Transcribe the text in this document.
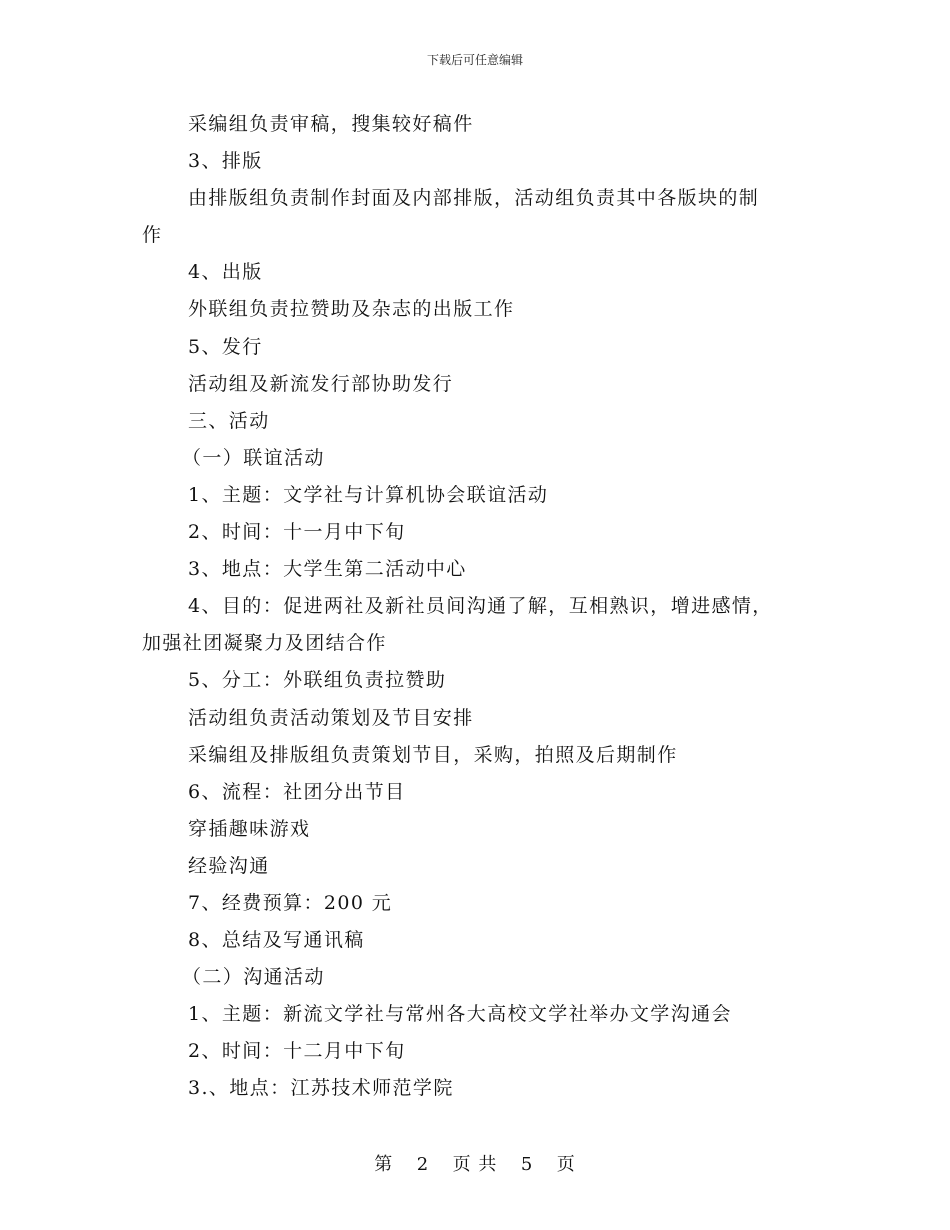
下载后可任意编辑
采编组负责审稿，搜集较好稿件
3、排版
由排版组负责制作封面及内部排版，活动组负责其中各版块的制
作
4、出版
外联组负责拉赞助及杂志的出版工作
5、发行
活动组及新流发行部协助发行
三、活动
（一）联谊活动
1、主题：文学社与计算机协会联谊活动
2、时间：十一月中下旬
3、地点：大学生第二活动中心
4、目的：促进两社及新社员间沟通了解，互相熟识，增进感情，
加强社团凝聚力及团结合作
5、分工：外联组负责拉赞助
活动组负责活动策划及节目安排
采编组及排版组负责策划节目，采购，拍照及后期制作
6、流程：社团分出节目
穿插趣味游戏
经验沟通
7、经费预算：200 元
8、总结及写通讯稿
（二）沟通活动
1、主题：新流文学社与常州各大高校文学社举办文学沟通会
2、时间：十二月中下旬
3.、地点：江苏技术师范学院
第 2 页 共 5 页
